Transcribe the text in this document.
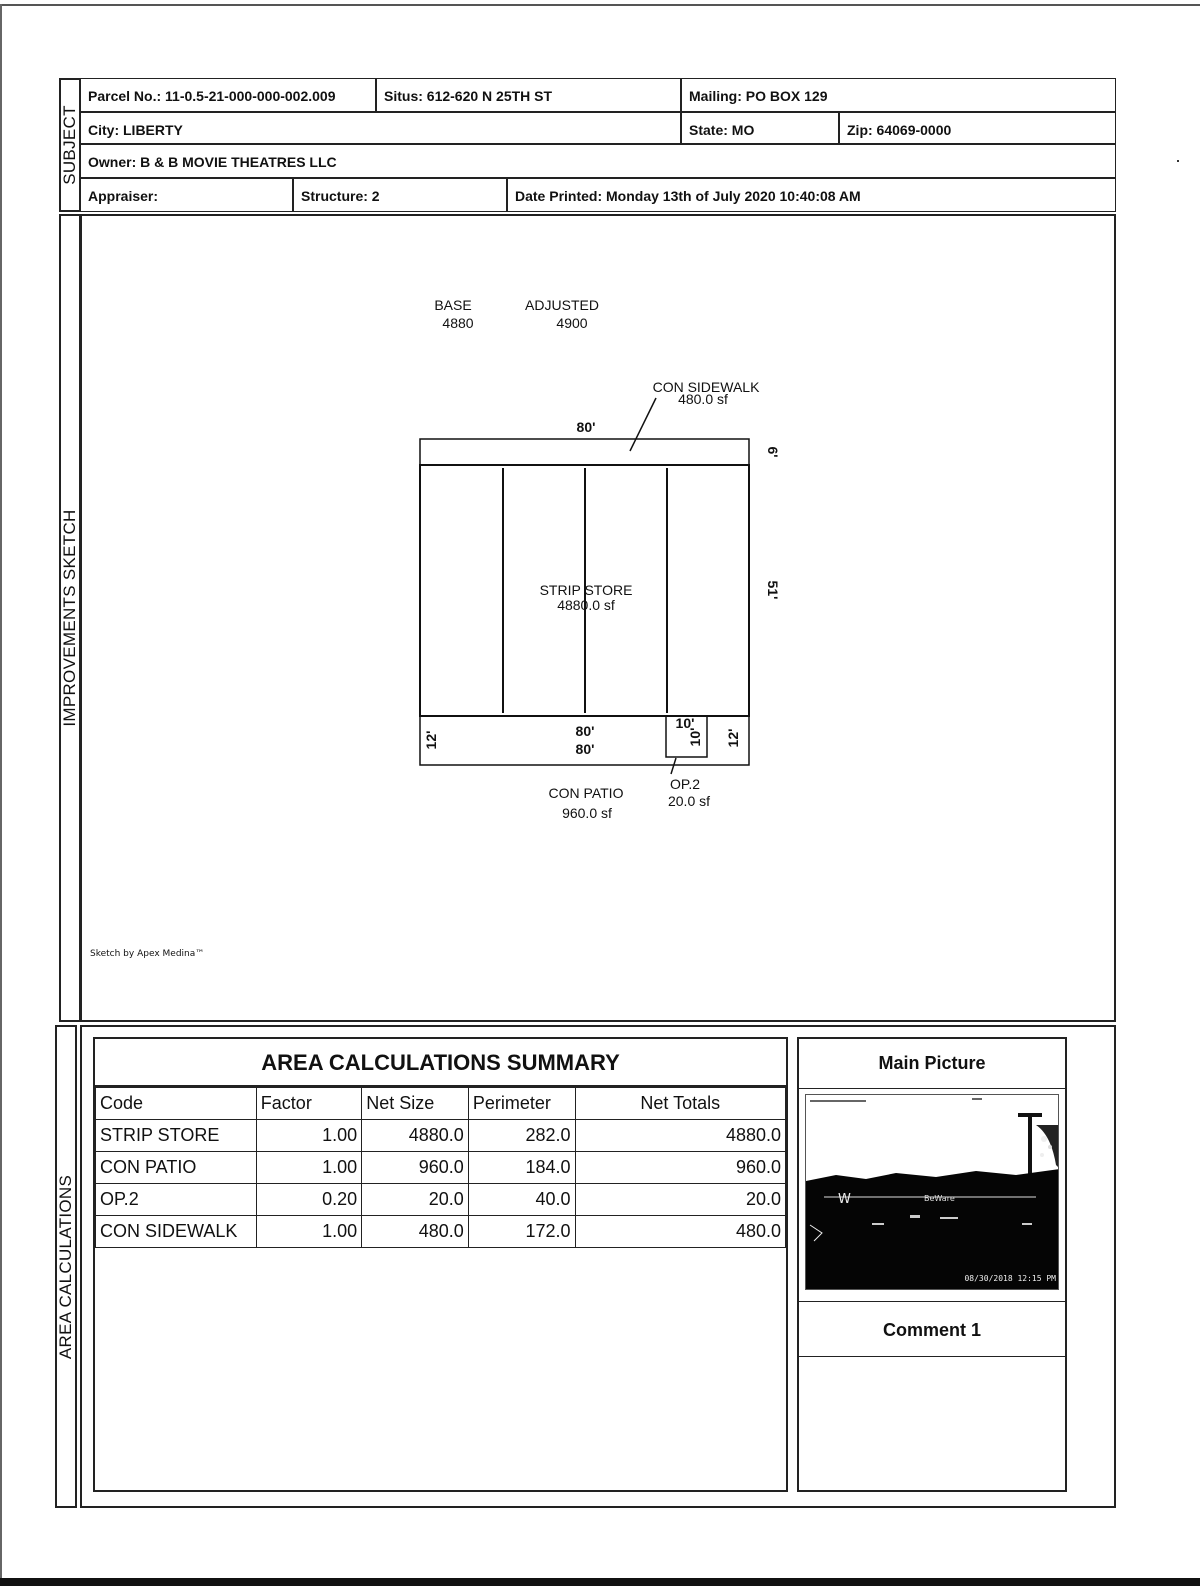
SUBJECT
Parcel No.: 11-0.5-21-000-000-002.009	Situs: 612-620 N 25TH ST	Mailing: PO BOX 129
City: LIBERTY	State: MO	Zip: 64069-0000
Owner: B & B MOVIE THEATRES LLC
Appraiser:	Structure: 2	Date Printed: Monday 13th of July 2020 10:40:08 AM
IMPROVEMENTS SKETCH
BASE
4880
ADJUSTED
4900
CON SIDEWALK
480.0 sf
80'
6'
51'
STRIP STORE
4880.0 sf
12'	12'
80'
80'
10'
10'
OP.2
20.0 sf
CON PATIO
960.0 sf
Sketch by Apex Medina™
AREA CALCULATIONS
AREA CALCULATIONS SUMMARY
Code	Factor	Net Size	Perimeter	Net Totals
STRIP STORE	1.00	4880.0	282.0	4880.0
CON PATIO	1.00	960.0	184.0	960.0
OP.2	0.20	20.0	40.0	20.0
CON SIDEWALK	1.00	480.0	172.0	480.0
Main Picture
W	BeWare
08/30/2018 12:15 PM
Comment 1
